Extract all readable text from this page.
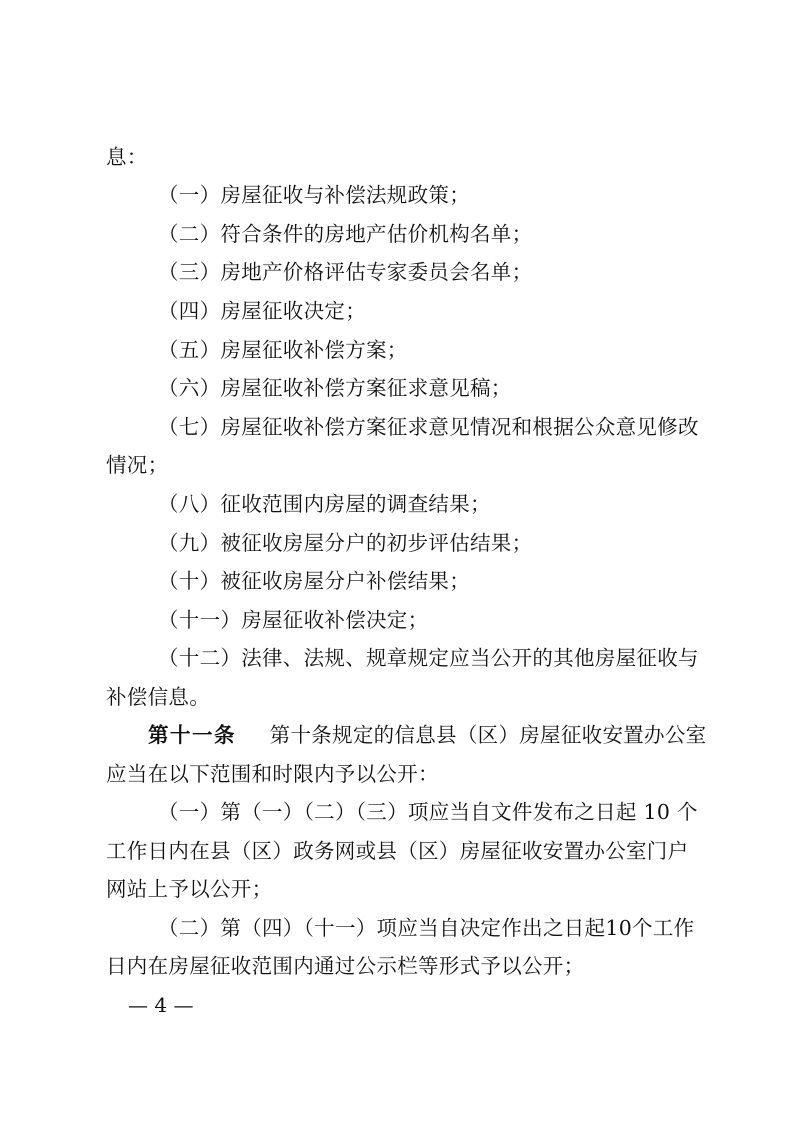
息：
（一）房屋征收与补偿法规政策；
（二）符合条件的房地产估价机构名单；
（三）房地产价格评估专家委员会名单；
（四）房屋征收决定；
（五）房屋征收补偿方案；
（六）房屋征收补偿方案征求意见稿；
（七）房屋征收补偿方案征求意见情况和根据公众意见修改
情况；
（八）征收范围内房屋的调查结果；
（九）被征收房屋分户的初步评估结果；
（十）被征收房屋分户补偿结果；
（十一）房屋征收补偿决定；
（十二）法律、法规、规章规定应当公开的其他房屋征收与
补偿信息。
第十一条 第十条规定的信息县（区）房屋征收安置办公室
应当在以下范围和时限内予以公开：
（一）第（一）（二）（三）项应当自文件发布之日起 10 个
工作日内在县（区）政务网或县（区）房屋征收安置办公室门户
网站上予以公开；
（二）第（四）（十一）项应当自决定作出之日起10个工作
日内在房屋征收范围内通过公示栏等形式予以公开；
— 4 —
